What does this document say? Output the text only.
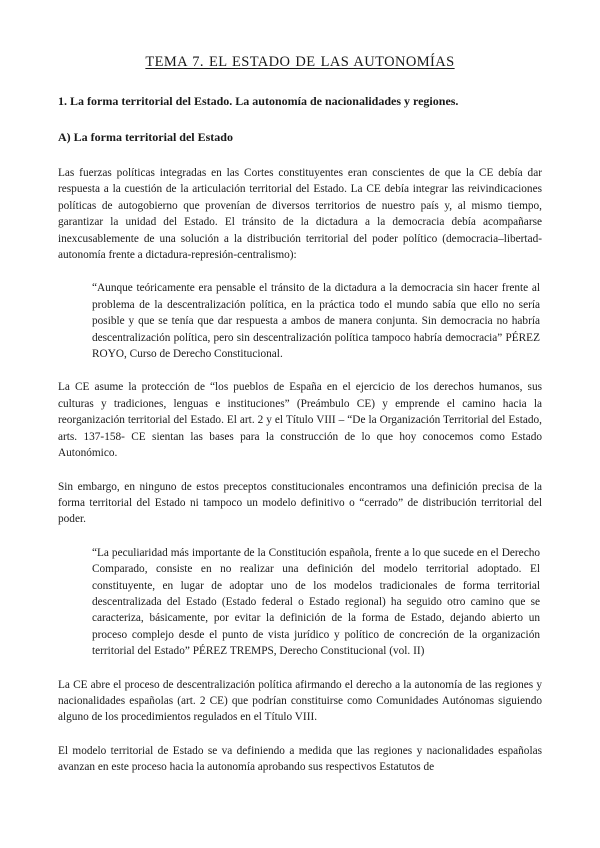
TEMA 7. EL ESTADO DE LAS AUTONOMÍAS
1. La forma territorial del Estado. La autonomía de nacionalidades y regiones.
A) La forma territorial del Estado

Las fuerzas políticas integradas en las Cortes constituyentes eran conscientes de que la CE debía dar respuesta a la cuestión de la articulación territorial del Estado. La CE debía integrar las reivindicaciones políticas de autogobierno que provenían de diversos territorios de nuestro país y, al mismo tiempo, garantizar la unidad del Estado. El tránsito de la dictadura a la democracia debía acompañarse inexcusablemente de una solución a la distribución territorial del poder político (democracia–libertad-autonomía frente a dictadura-represión-centralismo):

“Aunque teóricamente era pensable el tránsito de la dictadura a la democracia sin hacer frente al problema de la descentralización política, en la práctica todo el mundo sabía que ello no sería posible y que se tenía que dar respuesta a ambos de manera conjunta. Sin democracia no habría descentralización política, pero sin descentralización política tampoco habría democracia” PÉREZ ROYO, Curso de Derecho Constitucional.

La CE asume la protección de “los pueblos de España en el ejercicio de los derechos humanos, sus culturas y tradiciones, lenguas e instituciones” (Preámbulo CE) y emprende el camino hacia la reorganización territorial del Estado. El art. 2 y el Título VIII – “De la Organización Territorial del Estado, arts. 137-158- CE sientan las bases para la construcción de lo que hoy conocemos como Estado Autonómico.

Sin embargo, en ninguno de estos preceptos constitucionales encontramos una definición precisa de la forma territorial del Estado ni tampoco un modelo definitivo o “cerrado” de distribución territorial del poder.

“La peculiaridad más importante de la Constitución española, frente a lo que sucede en el Derecho Comparado, consiste en no realizar una definición del modelo territorial adoptado. El constituyente, en lugar de adoptar uno de los modelos tradicionales de forma territorial descentralizada del Estado (Estado federal o Estado regional) ha seguido otro camino que se caracteriza, básicamente, por evitar la definición de la forma de Estado, dejando abierto un proceso complejo desde el punto de vista jurídico y político de concreción de la organización territorial del Estado” PÉREZ TREMPS, Derecho Constitucional (vol. II)

La CE abre el proceso de descentralización política afirmando el derecho a la autonomía de las regiones y nacionalidades españolas (art. 2 CE) que podrían constituirse como Comunidades Autónomas siguiendo alguno de los procedimientos regulados en el Título VIII.

El modelo territorial de Estado se va definiendo a medida que las regiones y nacionalidades españolas avanzan en este proceso hacia la autonomía aprobando sus respectivos Estatutos de
